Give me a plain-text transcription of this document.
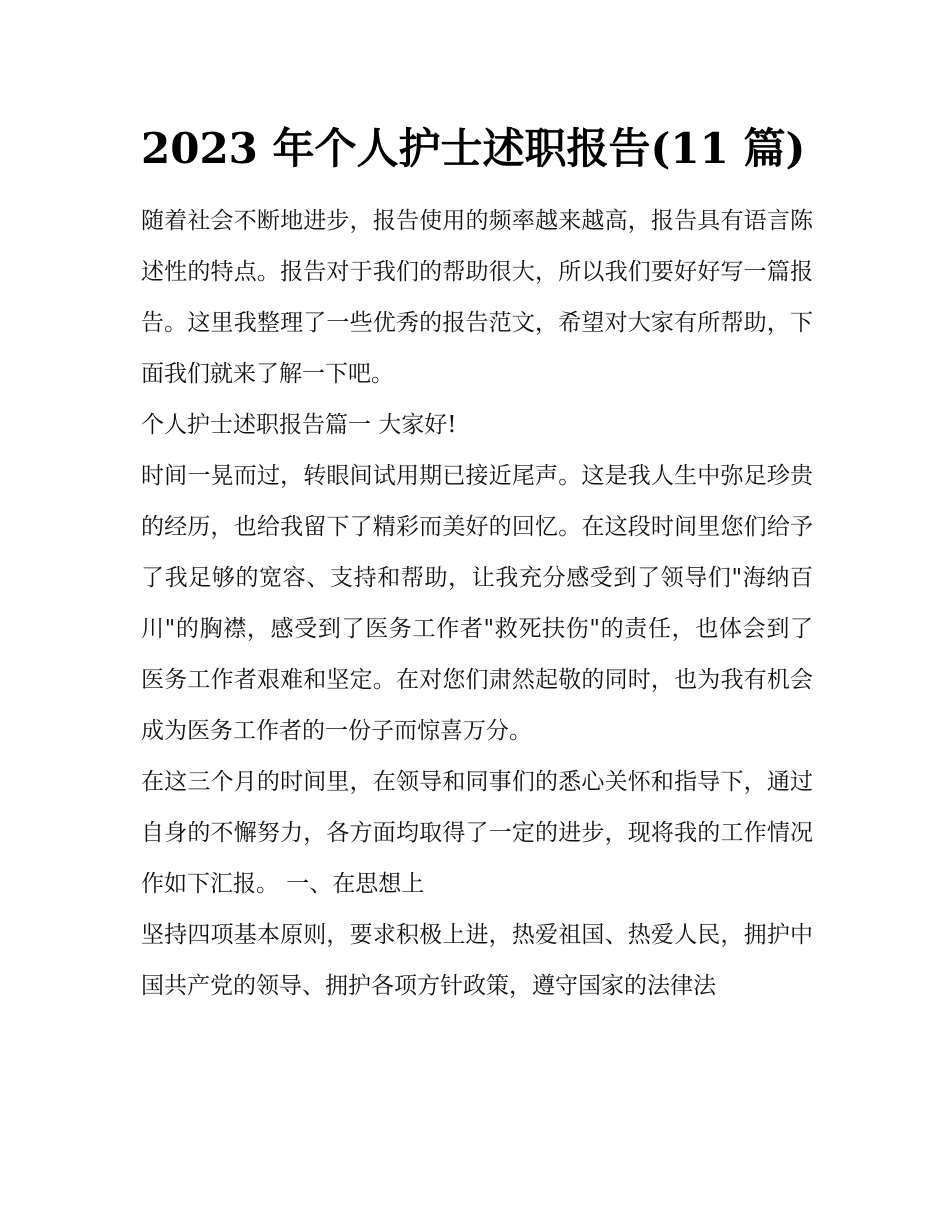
2023 年个人护士述职报告(11 篇)

随着社会不断地进步，报告使用的频率越来越高，报告具有语言陈述性的特点。报告对于我们的帮助很大，所以我们要好好写一篇报告。这里我整理了一些优秀的报告范文，希望对大家有所帮助，下面我们就来了解一下吧。

个人护士述职报告篇一 大家好!

时间一晃而过，转眼间试用期已接近尾声。这是我人生中弥足珍贵的经历，也给我留下了精彩而美好的回忆。在这段时间里您们给予了我足够的宽容、支持和帮助，让我充分感受到了领导们"海纳百川"的胸襟，感受到了医务工作者"救死扶伤"的责任，也体会到了医务工作者艰难和坚定。在对您们肃然起敬的同时，也为我有机会成为医务工作者的一份子而惊喜万分。

在这三个月的时间里，在领导和同事们的悉心关怀和指导下，通过自身的不懈努力，各方面均取得了一定的进步，现将我的工作情况作如下汇报。 一、在思想上

坚持四项基本原则，要求积极上进，热爱祖国、热爱人民，拥护中国共产党的领导、拥护各项方针政策，遵守国家的法律法
